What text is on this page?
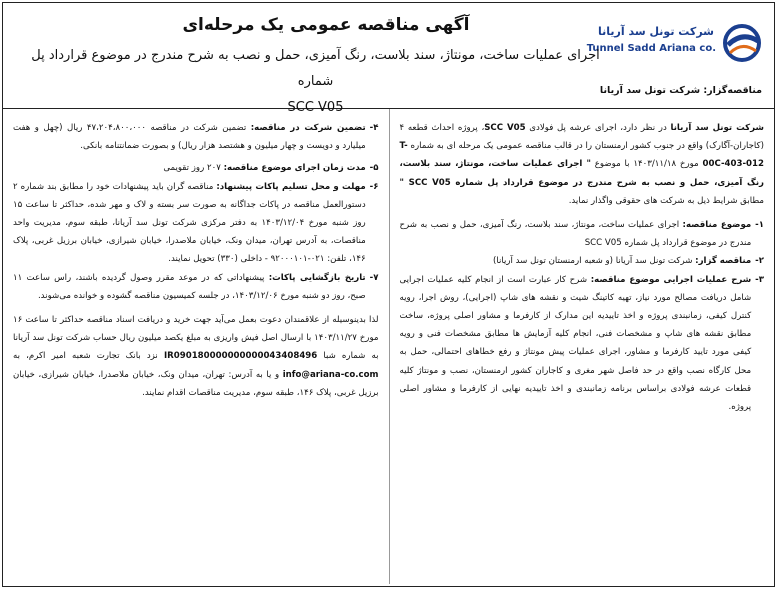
شرکت تونل سد آریانا
Tunnel Sadd Ariana co.
مناقصه‌گزار: شرکت تونل سد آریانا
آگهی مناقصه عمومی یک مرحله‌ای
اجرای عملیات ساخت، مونتاژ، سند بلاست، رنگ آمیزی، حمل و نصب به شرح مندرج در موضوع قرارداد پل شماره
SCC V05

شرکت تونل سد آریانا در نظر دارد، اجرای عرشه پل فولادی SCC V05، پروژه احداث قطعه ۴ (کاجاران-آگارک) واقع در جنوب کشور ارمنستان را در قالب مناقصه عمومی یک مرحله ای به شماره T-00C-403-012 مورخ ۱۴۰۳/۱۱/۱۸ با موضوع " اجرای عملیات ساخت، مونتاژ، سند بلاست، رنگ آمیزی، حمل و نصب به شرح مندرج در موضوع قرارداد پل شماره SCC V05 " مطابق شرایط ذیل به شرکت های حقوقی واگذار نماید.

۱-
موضوع مناقصه: اجرای عملیات ساخت، مونتاژ، سند بلاست، رنگ آمیزی، حمل و نصب به شرح مندرج در موضوع قرارداد پل شماره SCC V05
۲-
مناقصه گزار: شرکت تونل سد آریانا (و شعبه ارمنستان تونل سد آریانا)
۳-
شرح عملیات اجرایی موضوع مناقصه: شرح کار عبارت است از انجام کلیه عملیات اجرایی شامل دریافت مصالح مورد نیاز، تهیه کاتینگ شیت و نقشه های شاپ (اجرایی)، روش اجرا، رویه کنترل کیفی، زمانبندی پروژه و اخذ تاییدیه این مدارک از کارفرما و مشاور اصلی پروژه، ساخت مطابق نقشه های شاپ و مشخصات فنی، انجام کلیه آزمایش ها مطابق مشخصات فنی و رویه کیفی مورد تایید کارفرما و مشاور، اجرای عملیات پیش مونتاژ و رفع خطاهای احتمالی، حمل به محل کارگاه نصب واقع در حد فاصل شهر مغری و کاجاران کشور ارمنستان، نصب و مونتاژ کلیه قطعات عرشه فولادی براساس برنامه زمانبندی و اخذ تاییدیه نهایی از کارفرما و مشاور اصلی پروژه.
۴-
تضمین شرکت در مناقصه: تضمین شرکت در مناقصه ۴۷،۲۰۴،۸۰۰،۰۰۰ ریال (چهل و هفت میلیارد و دویست و چهار میلیون و هشتصد هزار ریال) و بصورت ضمانتنامه بانکی.
۵-
مدت زمان اجرای موضوع مناقصه: ۲۰۷ روز تقویمی
۶-
مهلت و محل تسلیم پاکات پیشنهاد: مناقصه گران باید پیشنهادات خود را مطابق بند شماره ۲ دستورالعمل مناقصه در پاکات جداگانه به صورت سر بسته و لاک و مهر شده، حداکثر تا ساعت ۱۵ روز شنبه مورخ ۱۴۰۳/۱۲/۰۴ به دفتر مرکزی شرکت تونل سد آریانا، طبقه سوم، مدیریت واحد مناقصات، به آدرس تهران، میدان ونک، خیابان ملاصدرا، خیابان شیرازی، خیابان برزیل غربی، پلاک ۱۴۶، تلفن: ۰۲۱-۹۲۰۰۰۱۰۱ - داخلی (۳۳۰) تحویل نمایند.
۷-
تاریخ بازگشایی پاکات: پیشنهاداتی که در موعد مقرر وصول گردیده باشند، راس ساعت ۱۱ صبح، روز دو شنبه مورخ ۱۴۰۳/۱۲/۰۶، در جلسه کمیسیون مناقصه گشوده و خوانده می‌شوند.

لذا بدینوسیله از علاقمندان دعوت بعمل می‌آید جهت خرید و دریافت اسناد مناقصه حداکثر تا ساعت ۱۶ مورخ ۱۴۰۳/۱۱/۲۷ با ارسال اصل فیش واریزی به مبلغ یکصد میلیون ریال حساب شرکت تونل سد آریانا به شماره شبا IR090180000000000043408496 نزد بانک تجارت شعبه امیر اکرم، به info@ariana-co.com و یا به آدرس: تهران، میدان ونک، خیابان ملاصدرا، خیابان شیرازی، خیابان برزیل غربی، پلاک ۱۴۶، طبقه سوم، مدیریت مناقصات اقدام نمایند.
